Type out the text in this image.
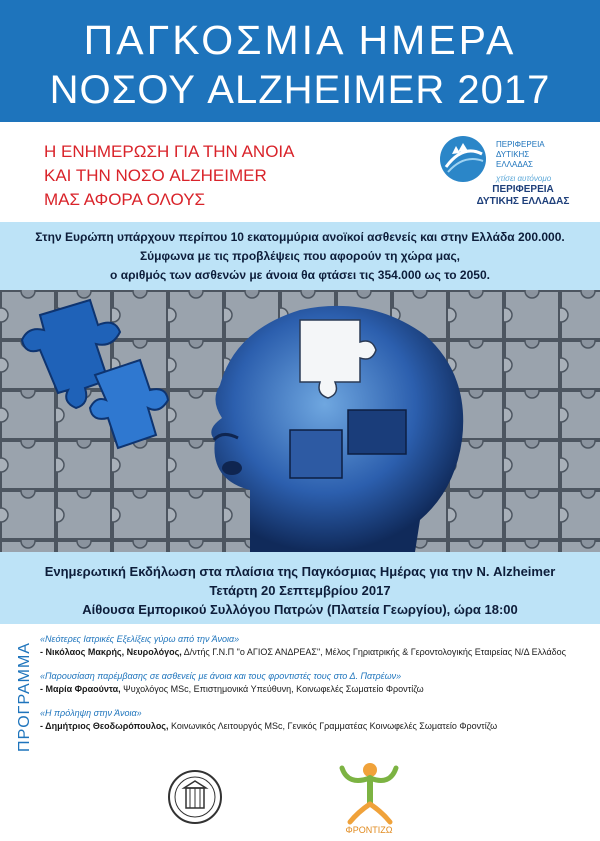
ΠΑΓΚΟΣΜΙΑ ΗΜΕΡΑ
ΝΟΣΟΥ ALZHEIMER 2017
Η ΕΝΗΜΕΡΩΣΗ ΓΙΑ ΤΗΝ ΑΝΟΙΑ
ΚΑΙ ΤΗΝ ΝΟΣΟ ALZHEIMER
ΜΑΣ ΑΦΟΡΑ ΟΛΟΥΣ
ΠΕΡΙΦΕΡΕΙΑ
ΔΥΤΙΚΗΣ
ΕΛΛΑΔΑΣ
χτίσει αυτόνομο
ΠΕΡΙΦΕΡΕΙΑ
ΔΥΤΙΚΗΣ ΕΛΛΑΔΑΣ
Στην Ευρώπη υπάρχουν περίπου 10 εκατομμύρια ανοϊκοί ασθενείς και στην Ελλάδα 200.000.
Σύμφωνα με τις προβλέψεις που αφορούν τη χώρα μας,
ο αριθμός των ασθενών με άνοια θα φτάσει τις 354.000 ως το 2050.
Ενημερωτική Εκδήλωση στα πλαίσια της Παγκόσμιας Ημέρας για την Ν. Alzheimer
Τετάρτη 20 Σεπτεμβρίου 2017
Αίθουσα Εμπορικού Συλλόγου Πατρών (Πλατεία Γεωργίου), ώρα 18:00
ΠΡΟΓΡΑΜΜΑ
«Νεότερες Ιατρικές Εξελίξεις γύρω από την Άνοια»
- Νικόλαος Μακρής, Νευρολόγος, Δ/ντής Γ.Ν.Π "ο ΑΓΙΟΣ ΑΝΔΡΕΑΣ", Μέλος Γηριατρικής & Γεροντολογικής Εταιρείας Ν/Δ Ελλάδος
«Παρουσίαση παρέμβασης σε ασθενείς με άνοια και τους φροντιστές τους στο Δ. Πατρέων»
- Μαρία Φραούντα, Ψυχολόγος MSc, Επιστημονικά Υπεύθυνη, Κοινωφελές Σωματείο Φροντίζω
«Η πρόληψη στην Άνοια»
- Δημήτριος Θεοδωρόπουλος, Κοινωνικός Λειτουργός MSc, Γενικός Γραμματέας Κοινωφελές Σωματείο Φροντίζω
ΦΡΟΝΤΙΖΩ
